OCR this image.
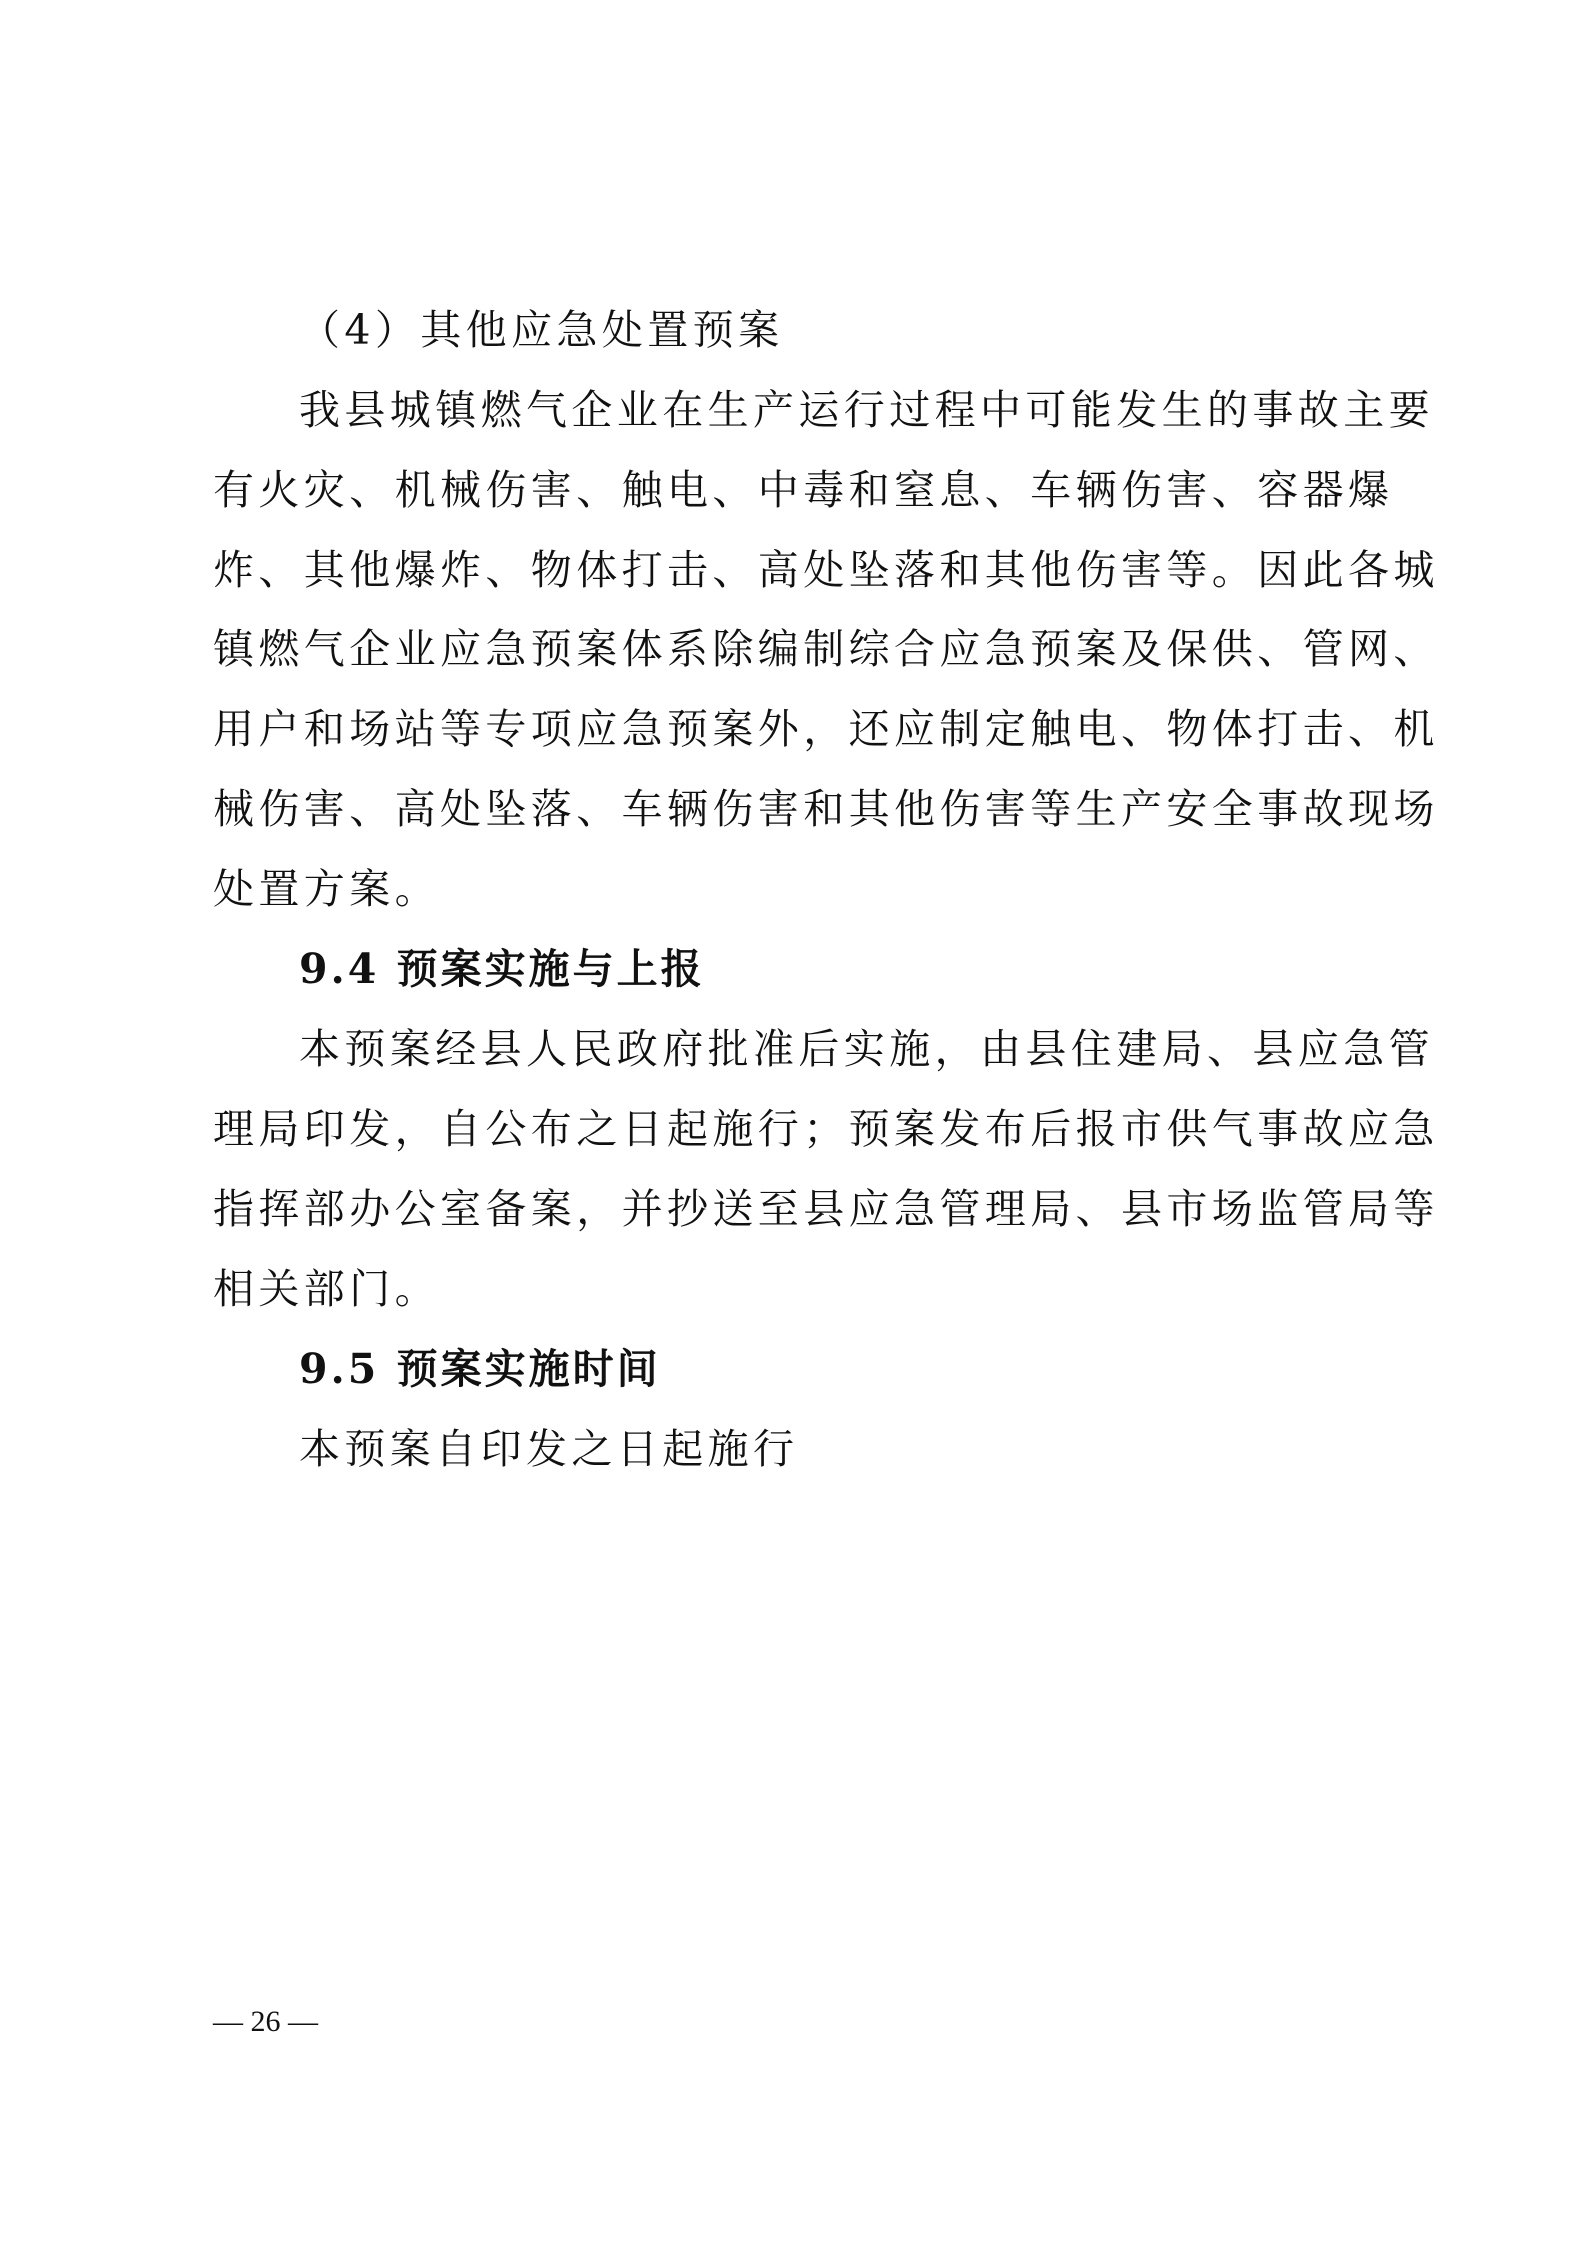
（4）其他应急处置预案
我县城镇燃气企业在生产运行过程中可能发生的事故主要
有火灾、机械伤害、触电、中毒和窒息、车辆伤害、容器爆
炸、其他爆炸、物体打击、高处坠落和其他伤害等。因此各城
镇燃气企业应急预案体系除编制综合应急预案及保供、管网、
用户和场站等专项应急预案外，还应制定触电、物体打击、机
械伤害、高处坠落、车辆伤害和其他伤害等生产安全事故现场
处置方案。
9.4 预案实施与上报
本预案经县人民政府批准后实施，由县住建局、县应急管
理局印发，自公布之日起施行；预案发布后报市供气事故应急
指挥部办公室备案，并抄送至县应急管理局、县市场监管局等
相关部门。
9.5 预案实施时间
本预案自印发之日起施行
— 26 —
